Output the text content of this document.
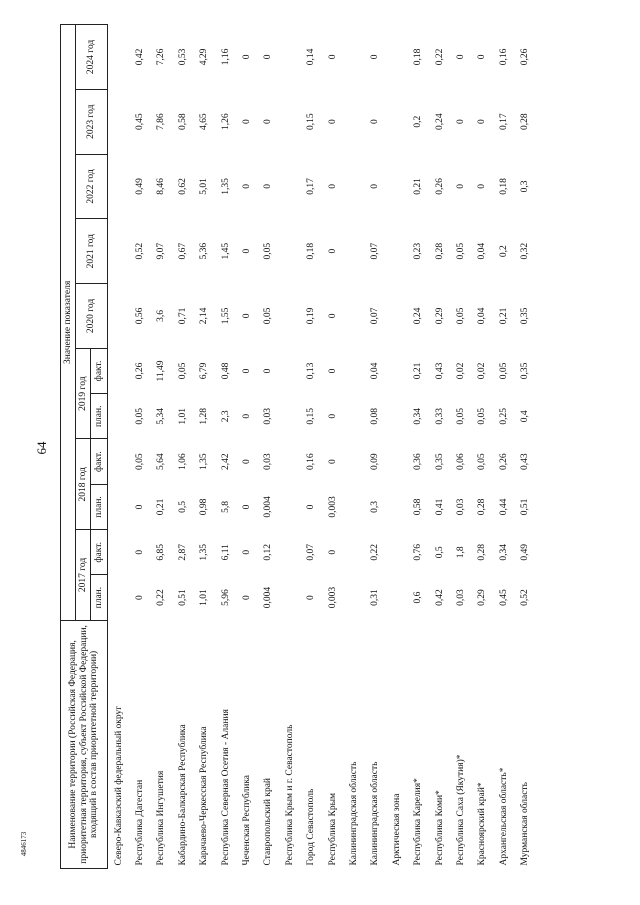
64
4846173	Наименование территории (Российская Федерация, приоритетная территория, субъект Российской Федерации, входящий в состав приоритетной территории)	Значение показателя										
	2017 год		2018 год		2019 год		2020 год	2021 год	2022 год	2023 год	2024 год
	план.	факт.	план.	факт.	план.	факт.					
Северо-Кавказский федеральный округ											
Республика Дагестан	0	0	0	0,05	0,05	0,26	0,56	0,52	0,49	0,45	0,42
Республика Ингушетия	0,22	6,85	0,21	5,64	5,34	11,49	3,6	9,07	8,46	7,86	7,26
Кабардино-Балкарская Республика	0,51	2,87	0,5	1,06	1,01	0,05	0,71	0,67	0,62	0,58	0,53
Карачаево-Черкесская Республика	1,01	1,35	0,98	1,35	1,28	6,79	2,14	5,36	5,01	4,65	4,29
Республика Северная Осетия - Алания	5,96	6,11	5,8	2,42	2,3	0,48	1,55	1,45	1,35	1,26	1,16
Чеченская Республика	0	0	0	0	0	0	0	0	0	0	0
Ставропольский край	0,004	0,12	0,004	0,03	0,03	0	0,05	0,05	0	0	0
Республика Крым и г. Севастополь											
Город Севастополь	0	0,07	0	0,16	0,15	0,13	0,19	0,18	0,17	0,15	0,14
Республика Крым	0,003	0	0,003	0	0	0	0	0	0	0	0
Калининградская область											
Калининградская область	0,31	0,22	0,3	0,09	0,08	0,04	0,07	0,07	0	0	0
Арктическая зона											
Республика Карелия*	0,6	0,76	0,58	0,36	0,34	0,21	0,24	0,23	0,21	0,2	0,18
Республика Коми*	0,42	0,5	0,41	0,35	0,33	0,43	0,29	0,28	0,26	0,24	0,22
Республика Саха (Якутия)*	0,03	1,8	0,03	0,06	0,05	0,02	0,05	0,05	0	0	0
Красноярский край*	0,29	0,28	0,28	0,05	0,05	0,02	0,04	0,04	0	0	0
Архангельская область*	0,45	0,34	0,44	0,26	0,25	0,05	0,21	0,2	0,18	0,17	0,16
Мурманская область	0,52	0,49	0,51	0,43	0,4	0,35	0,35	0,32	0,3	0,28	0,26
